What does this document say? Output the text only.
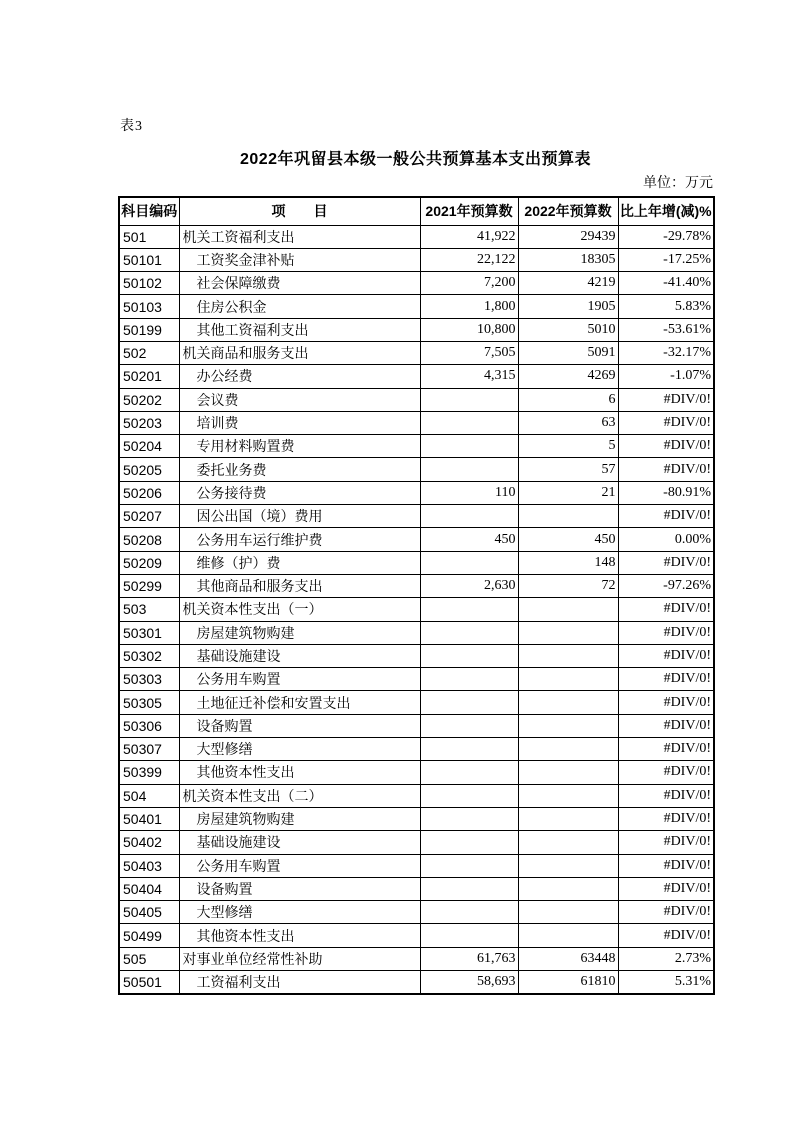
表3
2022年巩留县本级一般公共预算基本支出预算表
单位：万元
科目编码	项　　目	2021年预算数	2022年预算数	比上年增(减)%
501	机关工资福利支出	41,922	29439	-29.78%
50101	工资奖金津补贴	22,122	18305	-17.25%
50102	社会保障缴费	7,200	4219	-41.40%
50103	住房公积金	1,800	1905	5.83%
50199	其他工资福利支出	10,800	5010	-53.61%
502	机关商品和服务支出	7,505	5091	-32.17%
50201	办公经费	4,315	4269	-1.07%
50202	会议费		6	#DIV/0!
50203	培训费		63	#DIV/0!
50204	专用材料购置费		5	#DIV/0!
50205	委托业务费		57	#DIV/0!
50206	公务接待费	110	21	-80.91%
50207	因公出国（境）费用			#DIV/0!
50208	公务用车运行维护费	450	450	0.00%
50209	维修（护）费		148	#DIV/0!
50299	其他商品和服务支出	2,630	72	-97.26%
503	机关资本性支出（一）			#DIV/0!
50301	房屋建筑物购建			#DIV/0!
50302	基础设施建设			#DIV/0!
50303	公务用车购置			#DIV/0!
50305	土地征迁补偿和安置支出			#DIV/0!
50306	设备购置			#DIV/0!
50307	大型修缮			#DIV/0!
50399	其他资本性支出			#DIV/0!
504	机关资本性支出（二）			#DIV/0!
50401	房屋建筑物购建			#DIV/0!
50402	基础设施建设			#DIV/0!
50403	公务用车购置			#DIV/0!
50404	设备购置			#DIV/0!
50405	大型修缮			#DIV/0!
50499	其他资本性支出			#DIV/0!
505	对事业单位经常性补助	61,763	63448	2.73%
50501	工资福利支出	58,693	61810	5.31%
